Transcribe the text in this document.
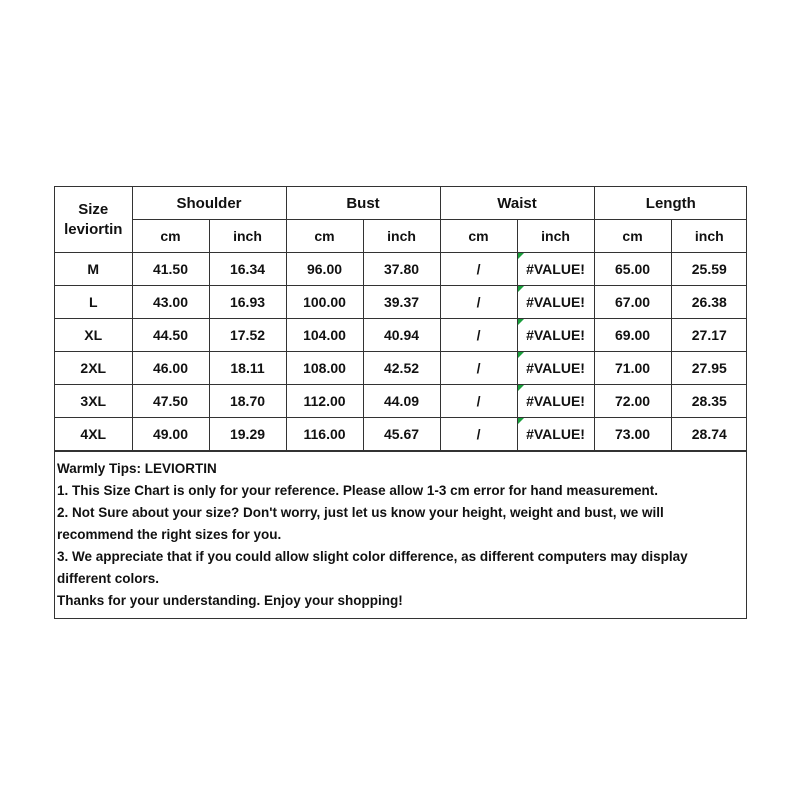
Size
leviortin	Shoulder		Bust		Waist		Length	
	cm	inch	cm	inch	cm	inch	cm	inch
M	41.50	16.34	96.00	37.80	/	#VALUE!	65.00	25.59
L	43.00	16.93	100.00	39.37	/	#VALUE!	67.00	26.38
XL	44.50	17.52	104.00	40.94	/	#VALUE!	69.00	27.17
2XL	46.00	18.11	108.00	42.52	/	#VALUE!	71.00	27.95
3XL	47.50	18.70	112.00	44.09	/	#VALUE!	72.00	28.35
4XL	49.00	19.29	116.00	45.67	/	#VALUE!	73.00	28.74

Warmly Tips: LEVIORTIN

1. This Size Chart is only for your reference. Please allow 1-3 cm error for hand measurement.

2. Not Sure about your size? Don't worry, just let us know your height, weight and bust, we will recommend the right sizes for you.

3. We appreciate that if you could allow slight color difference, as different computers may display different colors.

Thanks for your understanding. Enjoy your shopping!
